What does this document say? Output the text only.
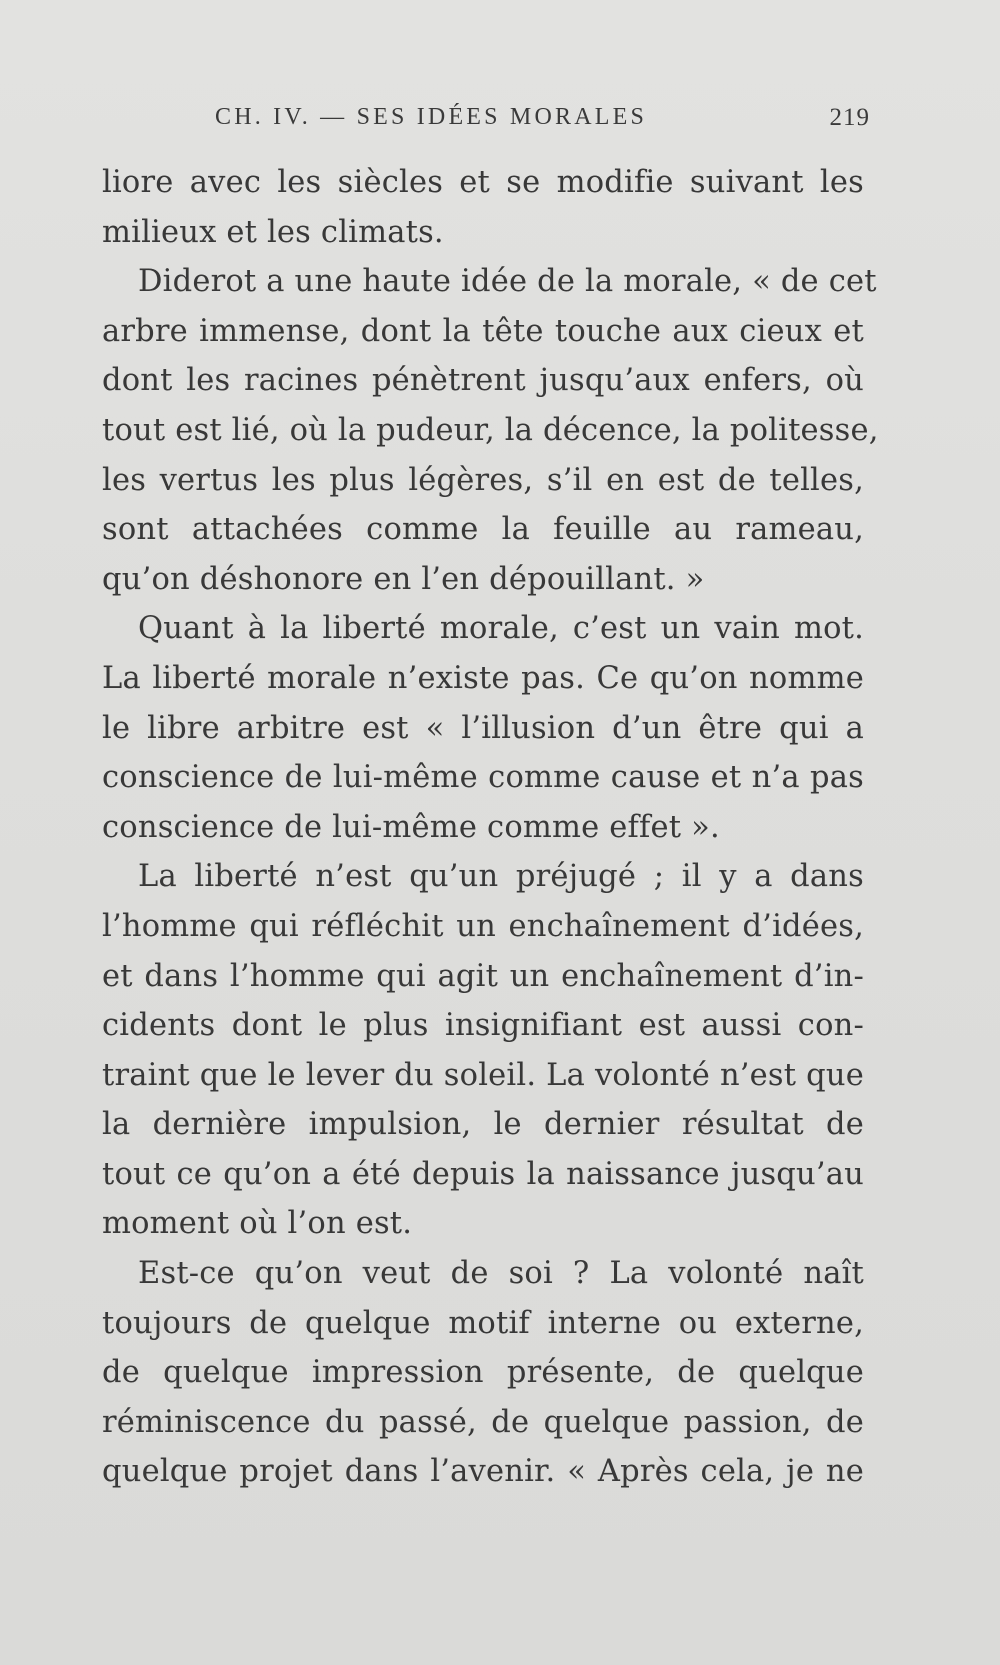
CH. IV. — SES IDÉES MORALES	219
liore avec les siècles et se modifie suivant les
milieux et les climats.
Diderot a une haute idée de la morale, « de cet
arbre immense, dont la tête touche aux cieux et
dont les racines pénètrent jusqu’aux enfers, où
tout est lié, où la pudeur, la décence, la politesse,
les vertus les plus légères, s’il en est de telles,
sont attachées comme la feuille au rameau,
qu’on déshonore en l’en dépouillant. »
Quant à la liberté morale, c’est un vain mot.
La liberté morale n’existe pas. Ce qu’on nomme
le libre arbitre est « l’illusion d’un être qui a
conscience de lui-même comme cause et n’a pas
conscience de lui-même comme effet ».
La liberté n’est qu’un préjugé ; il y a dans
l’homme qui réfléchit un enchaînement d’idées,
et dans l’homme qui agit un enchaînement d’in-
cidents dont le plus insignifiant est aussi con-
traint que le lever du soleil. La volonté n’est que
la dernière impulsion, le dernier résultat de
tout ce qu’on a été depuis la naissance jusqu’au
moment où l’on est.
Est-ce qu’on veut de soi ? La volonté naît
toujours de quelque motif interne ou externe,
de quelque impression présente, de quelque
réminiscence du passé, de quelque passion, de
quelque projet dans l’avenir. « Après cela, je ne
